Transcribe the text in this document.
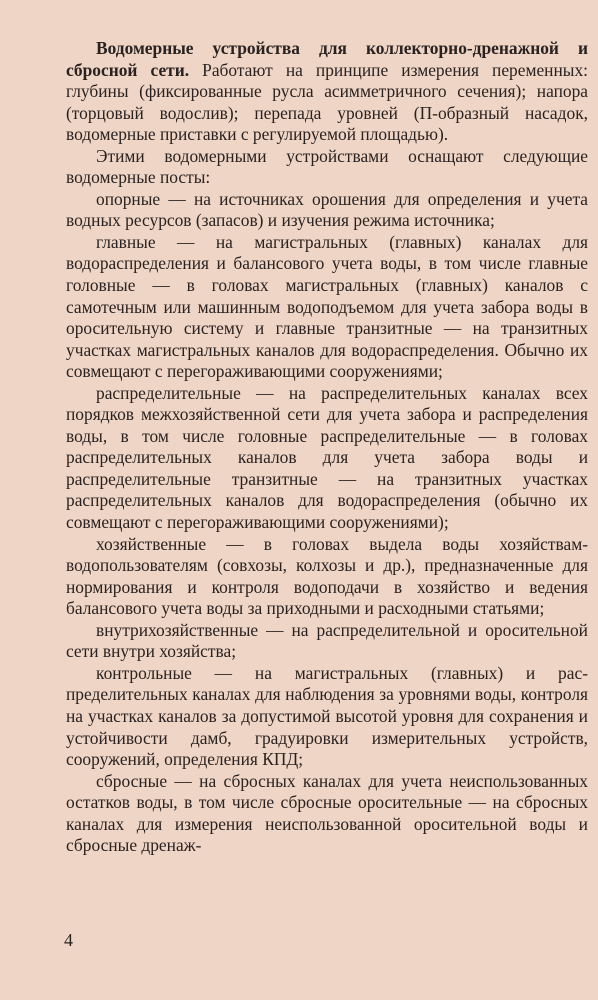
Водомерные устройства для коллекторно-дренажной и сбросной сети. Работают на принципе измерения переменных: глубины (фиксированные русла асимметричного сечения); напора (торцовый водослив); перепада уровней (П-образный насадок, водомерные приставки с регулируемой площадью).

Этими водомерными устройствами оснащают следующие водомерные посты:

опорные — на источниках орошения для определения и учета водных ресурсов (запасов) и изучения режима источника;

главные — на магистральных (главных) каналах для водораспределения и балансового учета воды, в том числе главные головные — в головах магистральных (главных) каналов с самотечным или машинным водоподъемом для учета забора воды в оросительную систему и главные транзитные — на транзитных участках магистральных каналов для водораспределения. Обычно их совмещают с перегораживающими сооружениями;

распределительные — на распределительных каналах всех порядков межхозяйственной сети для учета забора и распределения воды, в том числе головные распределительные — в головах распределительных каналов для учета забора воды и распределительные транзитные — на транзитных участках распределительных каналов для водораспределения (обычно их совмещают с перегораживающими сооружениями);

хозяйственные — в головах выдела воды хозяйствам-водопользователям (совхозы, колхозы и др.), предназначенные для нормирования и контроля водоподачи в хозяйство и ведения балансового учета воды за приходными и расходными статьями;

внутрихозяйственные — на распределительной и оросительной сети внутри хозяйства;

контрольные — на магистральных (главных) и распределительных каналах для наблюдения за уровнями воды, контроля на участках каналов за допустимой высотой уровня для сохранения и устойчивости дамб, градуировки измерительных устройств, сооружений, определения КПД;

сбросные — на сбросных каналах для учета неиспользованных остатков воды, в том числе сбросные оросительные — на сбросных каналах для измерения неиспользованной оросительной воды и сбросные дренаж-

4
